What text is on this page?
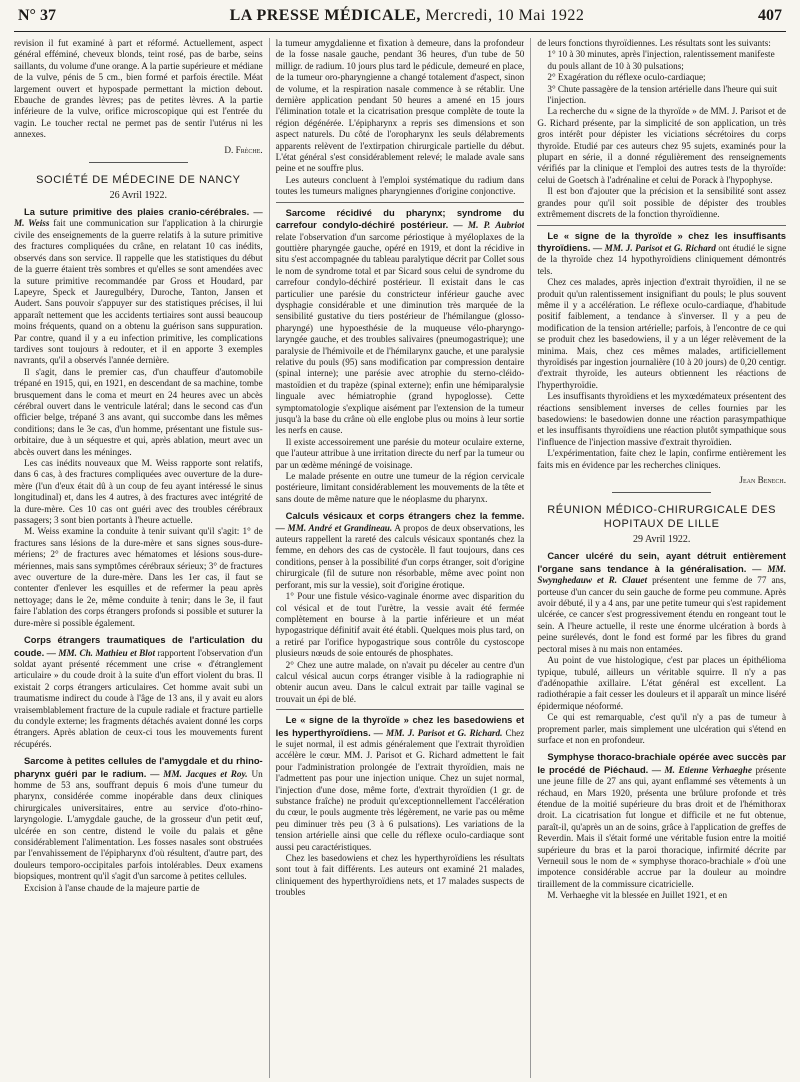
N° 37	LA PRESSE MÉDICALE, Mercredi, 10 Mai 1922	407

revision il fut examiné à part et réformé. Actuellement, aspect général efféminé, cheveux blonds, teint rosé, pas de barbe, seins saillants, du volume d'une orange. A la partie supérieure et médiane de la vulve, pénis de 5 cm., bien formé et parfois érectile. Méat largement ouvert et hypospade permettant la miction debout. Ebauche de grandes lèvres; pas de petites lèvres. A la partie inférieure de la vulve, orifice microscopique qui est l'entrée du vagin. Le toucher rectal ne permet pas de sentir l'utérus ni les annexes.

D. Frèche.
SOCIÉTÉ DE MÉDECINE DE NANCY
26 Avril 1922.

La suture primitive des plaies cranio-cérébrales. — M. Weiss fait une communication sur l'application à la chirurgie civile des enseignements de la guerre relatifs à la suture primitive des fractures compliquées du crâne, en relatant 10 cas inédits, observés dans son service. Il rappelle que les statistiques du début de la guerre étaient très sombres et qu'elles se sont amendées avec la suture primitive recommandée par Gross et Houdard, par Lapeyre, Speck et Jauregulbéry, Duroche, Tanton, Jansen et Audert. Sans pouvoir s'appuyer sur des statistiques précises, il lui apparaît nettement que les accidents tertiaires sont aussi beaucoup moins fréquents, quand on a obtenu la guérison sans suppuration. Par contre, quand il y a eu infection primitive, les complications tardives sont toujours à redouter, et il en apporte 3 exemples navrants, qu'il a observés l'année dernière.

Il s'agit, dans le premier cas, d'un chauffeur d'automobile trépané en 1915, qui, en 1921, en descendant de sa machine, tombe brusquement dans le coma et meurt en 24 heures avec un abcès cérébral ouvert dans le ventricule latéral; dans le second cas d'un officier belge, trépané 3 ans avant, qui succombe dans les mêmes conditions; dans le 3e cas, d'un homme, présentant une fistule sus-orbitaire, due à un séquestre et qui, après ablation, meurt avec un abcès ouvert dans les méninges.

Les cas inédits nouveaux que M. Weiss rapporte sont relatifs, dans 6 cas, à des fractures compliquées avec ouverture de la dure-mère (l'un d'eux était dû à un coup de feu ayant intéressé le sinus longitudinal) et, dans les 4 autres, à des fractures avec intégrité de la dure-mère. Ces 10 cas ont guéri avec des troubles cérébraux passagers; 3 sont bien portants à l'heure actuelle.

M. Weiss examine la conduite à tenir suivant qu'il s'agit: 1° de fractures sans lésions de la dure-mère et sans signes sous-dure-mériens; 2° de fractures avec hématomes et lésions sous-dure-mériennes, mais sans symptômes cérébraux sérieux; 3° de fractures avec ouverture de la dure-mère. Dans les 1er cas, il faut se contenter d'enlever les esquilles et de refermer la peau après nettoyage; dans le 2e, même conduite à tenir; dans le 3e, il faut faire l'ablation des corps étrangers profonds si possible et suturer la dure-mère si possible également.

Corps étrangers traumatiques de l'articulation du coude. — MM. Ch. Mathieu et Blot rapportent l'observation d'un soldat ayant présenté récemment une crise « d'étranglement articulaire » du coude droit à la suite d'un effort violent du bras. Il existait 2 corps étrangers articulaires. Cet homme avait subi un traumatisme indirect du coude à l'âge de 13 ans, il y avait eu alors vraisemblablement fracture de la cupule radiale et fracture partielle du condyle externe; les fragments détachés avaient donné les corps étrangers. Après ablation de ceux-ci tous les mouvements furent récupérés.

Sarcome à petites cellules de l'amygdale et du rhino-pharynx guéri par le radium. — MM. Jacques et Roy. Un homme de 53 ans, souffrant depuis 6 mois d'une tumeur du pharynx, considérée comme inopérable dans deux cliniques chirurgicales universitaires, entre au service d'oto-rhino-laryngologie. L'amygdale gauche, de la grosseur d'un petit œuf, ulcérée en son centre, distend le voile du palais et gêne considérablement l'alimentation. Les fosses nasales sont obstruées par l'envahissement de l'épipharynx d'où résultent, d'autre part, des douleurs temporo-occipitales parfois intolérables. Deux examens biopsiques, montrent qu'il s'agit d'un sarcome à petites cellules.

Excision à l'anse chaude de la majeure partie de

la tumeur amygdalienne et fixation à demeure, dans la profondeur de la fosse nasale gauche, pendant 36 heures, d'un tube de 50 milligr. de radium. 10 jours plus tard le pédicule, demeuré en place, de la tumeur oro-pharyngienne a changé totalement d'aspect, sinon de volume, et la respiration nasale commence à se rétablir. Une dernière application pendant 50 heures a amené en 15 jours l'élimination totale et la cicatrisation presque complète de toute la région dégénérée. L'épipharynx a repris ses dimensions et son aspect naturels. Du côté de l'oropharynx les seuls délabrements apparents relèvent de l'extirpation chirurgicale partielle du début. L'état général s'est considérablement relevé; le malade avale sans peine et ne souffre plus.

Les auteurs concluent à l'emploi systématique du radium dans toutes les tumeurs malignes pharyngiennes d'origine conjonctive.

Sarcome récidivé du pharynx; syndrome du carrefour condylo-déchiré postérieur. — M. P. Aubriot relate l'observation d'un sarcome périostique à myéloplaxes de la gouttière pharyngée gauche, opéré en 1919, et dont la récidive in situ s'est accompagnée du tableau paralytique décrit par Collet sous le nom de syndrome total et par Sicard sous celui de syndrome du carrefour condylo-déchiré postérieur. Il existait dans le cas particulier une parésie du constricteur inférieur gauche avec dysphagie considérable et une diminution très marquée de la sensibilité gustative du tiers postérieur de l'hémilangue (glosso-pharyngé) une hypoesthésie de la muqueuse vélo-pharyngo-laryngée gauche, et des troubles salivaires (pneumogastrique); une paralysie de l'hémivoile et de l'hémilarynx gauche, et une paralysie relative du pouls (95) sans modification par compression dentaire (spinal interne); une parésie avec atrophie du sterno-cléido-mastoïdien et du trapèze (spinal externe); enfin une hémiparalysie linguale avec hémiatrophie (grand hypoglosse). Cette symptomatologie s'explique aisément par l'extension de la tumeur jusqu'à la base du crâne où elle englobe plus ou moins à leur sortie les nerfs en cause.

Il existe accessoirement une parésie du moteur oculaire externe, que l'auteur attribue à une irritation directe du nerf par la tumeur ou par un œdème méningé de voisinage.

Le malade présente en outre une tumeur de la région cervicale postérieure, limitant considérablement les mouvements de la tête et sans doute de même nature que le néoplasme du pharynx.

Calculs vésicaux et corps étrangers chez la femme. — MM. André et Grandineau. A propos de deux observations, les auteurs rappellent la rareté des calculs vésicaux spontanés chez la femme, en dehors des cas de cystocèle. Il faut toujours, dans ces conditions, penser à la possibilité d'un corps étranger, soit d'origine chirurgicale (fil de suture non résorbable, même avec point non perforant, mis sur la vessie), soit d'origine érotique.

1° Pour une fistule vésico-vaginale énorme avec disparition du col vésical et de tout l'urètre, la vessie avait été fermée complètement en bourse à la partie inférieure et un méat hypogastrique définitif avait été établi. Quelques mois plus tard, on a retiré par l'orifice hypogastrique sous contrôle du cystoscope plusieurs nœuds de soie entourés de phosphates.

2° Chez une autre malade, on n'avait pu déceler au centre d'un calcul vésical aucun corps étranger visible à la radiographie ni obtenir aucun aveu. Dans le calcul extrait par taille vaginal se trouvait un épi de blé.

Le « signe de la thyroïde » chez les basedowiens et les hyperthyroïdiens. — MM. J. Parisot et G. Richard. Chez le sujet normal, il est admis généralement que l'extrait thyroïdien accélère le cœur. MM. J. Parisot et G. Richard admettent le fait pour l'administration prolongée de l'extrait thyroïdien, mais ne l'admettent pas pour une injection unique. Chez un sujet normal, l'injection d'une dose, même forte, d'extrait thyroïdien (1 gr. de substance fraîche) ne produit qu'exceptionnellement l'accélération du cœur, le pouls augmente très légèrement, ne varie pas ou même peu diminuer très peu (3 à 6 pulsations). Les variations de la tension artérielle ainsi que celle du réflexe oculo-cardiaque sont aussi peu caractéristiques.

Chez les basedowiens et chez les hyperthyroïdiens les résultats sont tout à fait différents. Les auteurs ont examiné 21 malades, cliniquement des hyperthyroïdiens nets, et 17 malades suspects de troubles

de leurs fonctions thyroïdiennes. Les résultats sont les suivants:

1° 10 à 30 minutes, après l'injection, ralentissement manifeste du pouls allant de 10 à 30 pulsations;
2° Exagération du réflexe oculo-cardiaque;
3° Chute passagère de la tension artérielle dans l'heure qui suit l'injection.

La recherche du « signe de la thyroïde » de MM. J. Parisot et de G. Richard présente, par la simplicité de son application, un très gros intérêt pour dépister les viciations sécrétoires du corps thyroïde. Etudié par ces auteurs chez 95 sujets, examinés pour la plupart en série, il a donné régulièrement des renseignements vérifiés par la clinique et l'emploi des autres tests de la thyroïde: celui de Goetsch à l'adrénaline et celui de Porack à l'hypophyse.

Il est bon d'ajouter que la précision et la sensibilité sont assez grandes pour qu'il soit possible de dépister des troubles extrêmement discrets de la fonction thyroïdienne.

Le « signe de la thyroïde » chez les insuffisants thyroïdiens. — MM. J. Parisot et G. Richard ont étudié le signe de la thyroïde chez 14 hypothyroïdiens cliniquement démontrés tels.

Chez ces malades, après injection d'extrait thyroïdien, il ne se produit qu'un ralentissement insignifiant du pouls; le plus souvent même il y a accélération. Le réflexe oculo-cardiaque, d'habitude positif faiblement, a tendance à s'inverser. Il y a peu de modification de la tension artérielle; parfois, à l'encontre de ce qui se produit chez les basedowiens, il y a un léger relèvement de la minima. Mais, chez ces mêmes malades, artificiellement thyroïdisés par ingestion journalière (10 à 20 jours) de 0,20 centigr. d'extrait thyroïde, les auteurs obtiennent les réactions de l'hyperthyroïdie.

Les insuffisants thyroïdiens et les myxœdémateux présentent des réactions sensiblement inverses de celles fournies par les basedowiens: le basedowien donne une réaction parasympathique et les insuffisants thyroïdiens une réaction plutôt sympathique sous l'influence de l'injection massive d'extrait thyroïdien.

L'expérimentation, faite chez le lapin, confirme entièrement les faits mis en évidence par les recherches cliniques.

Jean Benech.
RÉUNION MÉDICO-CHIRURGICALE DES HOPITAUX DE LILLE
29 Avril 1922.

Cancer ulcéré du sein, ayant détruit entièrement l'organe sans tendance à la généralisation. — MM. Swynghedauw et R. Clauet présentent une femme de 77 ans, porteuse d'un cancer du sein gauche de forme peu commune. Après avoir débuté, il y a 4 ans, par une petite tumeur qui s'est rapidement ulcérée, ce cancer s'est progressivement étendu en rongeant tout le sein. A l'heure actuelle, il reste une énorme ulcération à bords à peine surélevés, dont le fond est formé par les fibres du grand pectoral mises à nu mais non entamées.

Au point de vue histologique, c'est par places un épithélioma typique, tubulé, ailleurs un véritable squirre. Il n'y a pas d'adénopathie axillaire. L'état général est excellent. La radiothérapie a fait cesser les douleurs et il apparaît un mince liséré épidermique néoformé.

Ce qui est remarquable, c'est qu'il n'y a pas de tumeur à proprement parler, mais simplement une ulcération qui s'étend en surface et non en profondeur.

Symphyse thoraco-brachiale opérée avec succès par le procédé de Piéchaud. — M. Etienne Verhaeghe présente une jeune fille de 27 ans qui, ayant enflammé ses vêtements à un réchaud, en Mars 1920, présenta une brûlure profonde et très étendue de la moitié supérieure du bras droit et de l'hémithorax droit. La cicatrisation fut longue et difficile et ne fut obtenue, paraît-il, qu'après un an de soins, grâce à l'application de greffes de Reverdin. Mais il s'était formé une véritable fusion entre la moitié supérieure du bras et la paroi thoracique, infirmité décrite par Verneuil sous le nom de « symphyse thoraco-brachiale » d'où une impotence considérable accrue par la douleur au moindre tiraillement de la commissure cicatricielle.

M. Verhaeghe vit la blessée en Juillet 1921, et en
